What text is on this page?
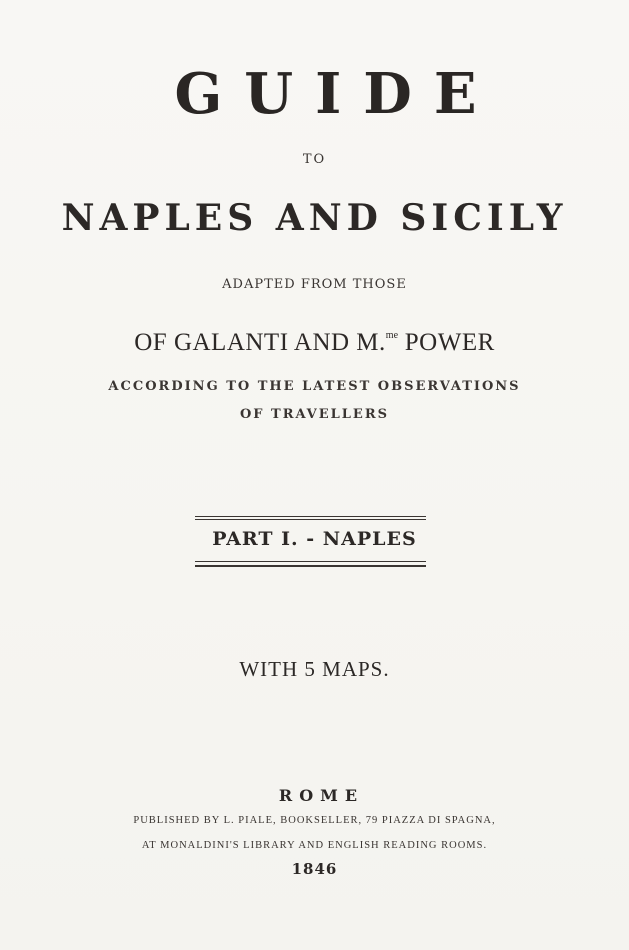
GUIDE
TO
NAPLES AND SICILY
ADAPTED FROM THOSE
OF GALANTI AND M.$^{me}$ POWER
ACCORDING TO THE LATEST OBSERVATIONS
OF TRAVELLERS
PART I. - NAPLES
WITH 5 MAPS.
ROME
PUBLISHED BY L. PIALE, BOOKSELLER, 79 PIAZZA DI SPAGNA,
AT MONALDINI'S LIBRARY AND ENGLISH READING ROOMS.
1846
